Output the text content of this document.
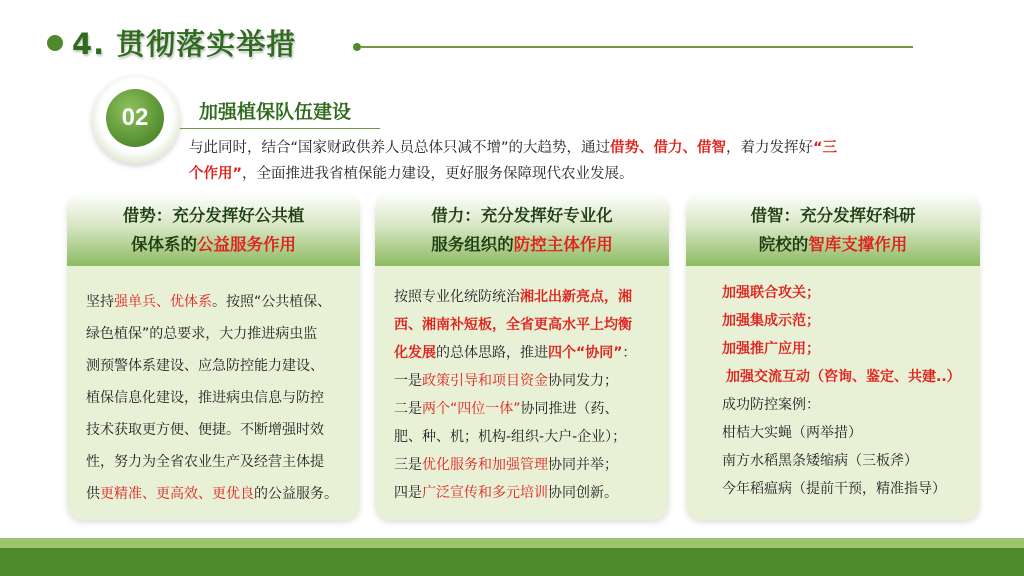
4. 贯彻落实举措
02	加强植保队伍建设
与此同时，结合“国家财政供养人员总体只减不增”的大趋势，通过借势、借力、借智，着力发挥好“三
个作用”，全面推进我省植保能力建设，更好服务保障现代农业发展。
借势：充分发挥好公共植
保体系的公益服务作用

坚持强单兵、优体系。按照“公共植保、

绿色植保”的总要求，大力推进病虫监

测预警体系建设、应急防控能力建设、

植保信息化建设，推进病虫信息与防控

技术获取更方便、便捷。不断增强时效

性，努力为全省农业生产及经营主体提

供更精准、更高效、更优良的公益服务。

借力：充分发挥好专业化
服务组织的防控主体作用

按照专业化统防统治湘北出新亮点，湘

西、湘南补短板，全省更高水平上均衡

化发展的总体思路，推进四个“协同”：

一是政策引导和项目资金协同发力；

二是两个“四位一体”协同推进（药、

肥、种、机；机构-组织-大户-企业）；

三是优化服务和加强管理协同并举；

四是广泛宣传和多元培训协同创新。

借智：充分发挥好科研
院校的智库支撑作用

加强联合攻关；

加强集成示范；

加强推广应用；

加强交流互动（咨询、鉴定、共建..）

成功防控案例：

柑桔大实蝇（两举措）

南方水稻黑条矮缩病（三板斧）

今年稻瘟病（提前干预，精准指导）
